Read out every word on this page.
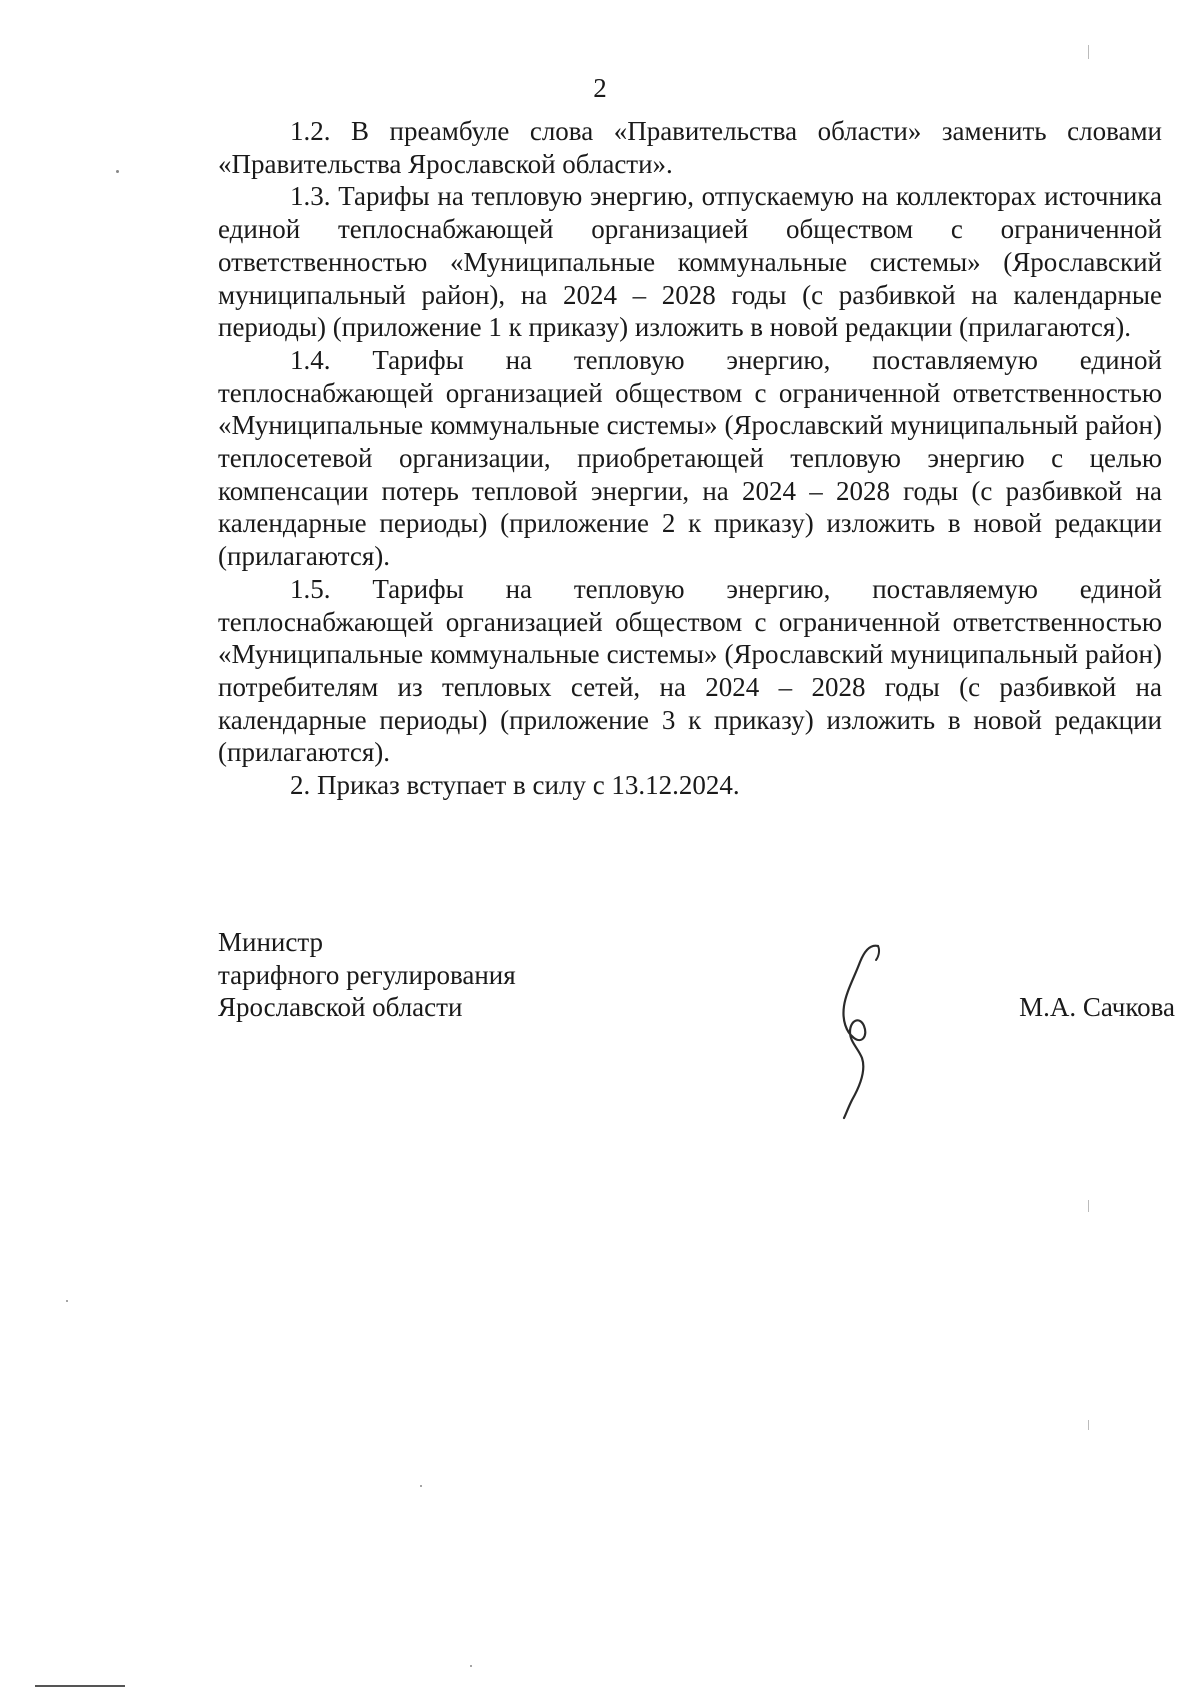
2

1.2. В преамбуле слова «Правительства области» заменить словами «Правительства Ярославской области».

1.3. Тарифы на тепловую энергию, отпускаемую на коллекторах источника единой теплоснабжающей организацией обществом с ограниченной ответственностью «Муниципальные коммунальные системы» (Ярославский муниципальный район), на 2024 – 2028 годы (с разбивкой на календарные периоды) (приложение 1 к приказу) изложить в новой редакции (прилагаются).

1.4. Тарифы на тепловую энергию, поставляемую единой теплоснабжающей организацией обществом с ограниченной ответственностью «Муниципальные коммунальные системы» (Ярославский муниципальный район) теплосетевой организации, приобретающей тепловую энергию с целью компенсации потерь тепловой энергии, на 2024 – 2028 годы (с разбивкой на календарные периоды) (приложение 2 к приказу) изложить в новой редакции (прилагаются).

1.5. Тарифы на тепловую энергию, поставляемую единой теплоснабжающей организацией обществом с ограниченной ответственностью «Муниципальные коммунальные системы» (Ярославский муниципальный район) потребителям из тепловых сетей, на 2024 – 2028 годы (с разбивкой на календарные периоды) (приложение 3 к приказу) изложить в новой редакции (прилагаются).

2. Приказ вступает в силу с 13.12.2024.

Министр
тарифного регулирования
Ярославской области	М.А. Сачкова
